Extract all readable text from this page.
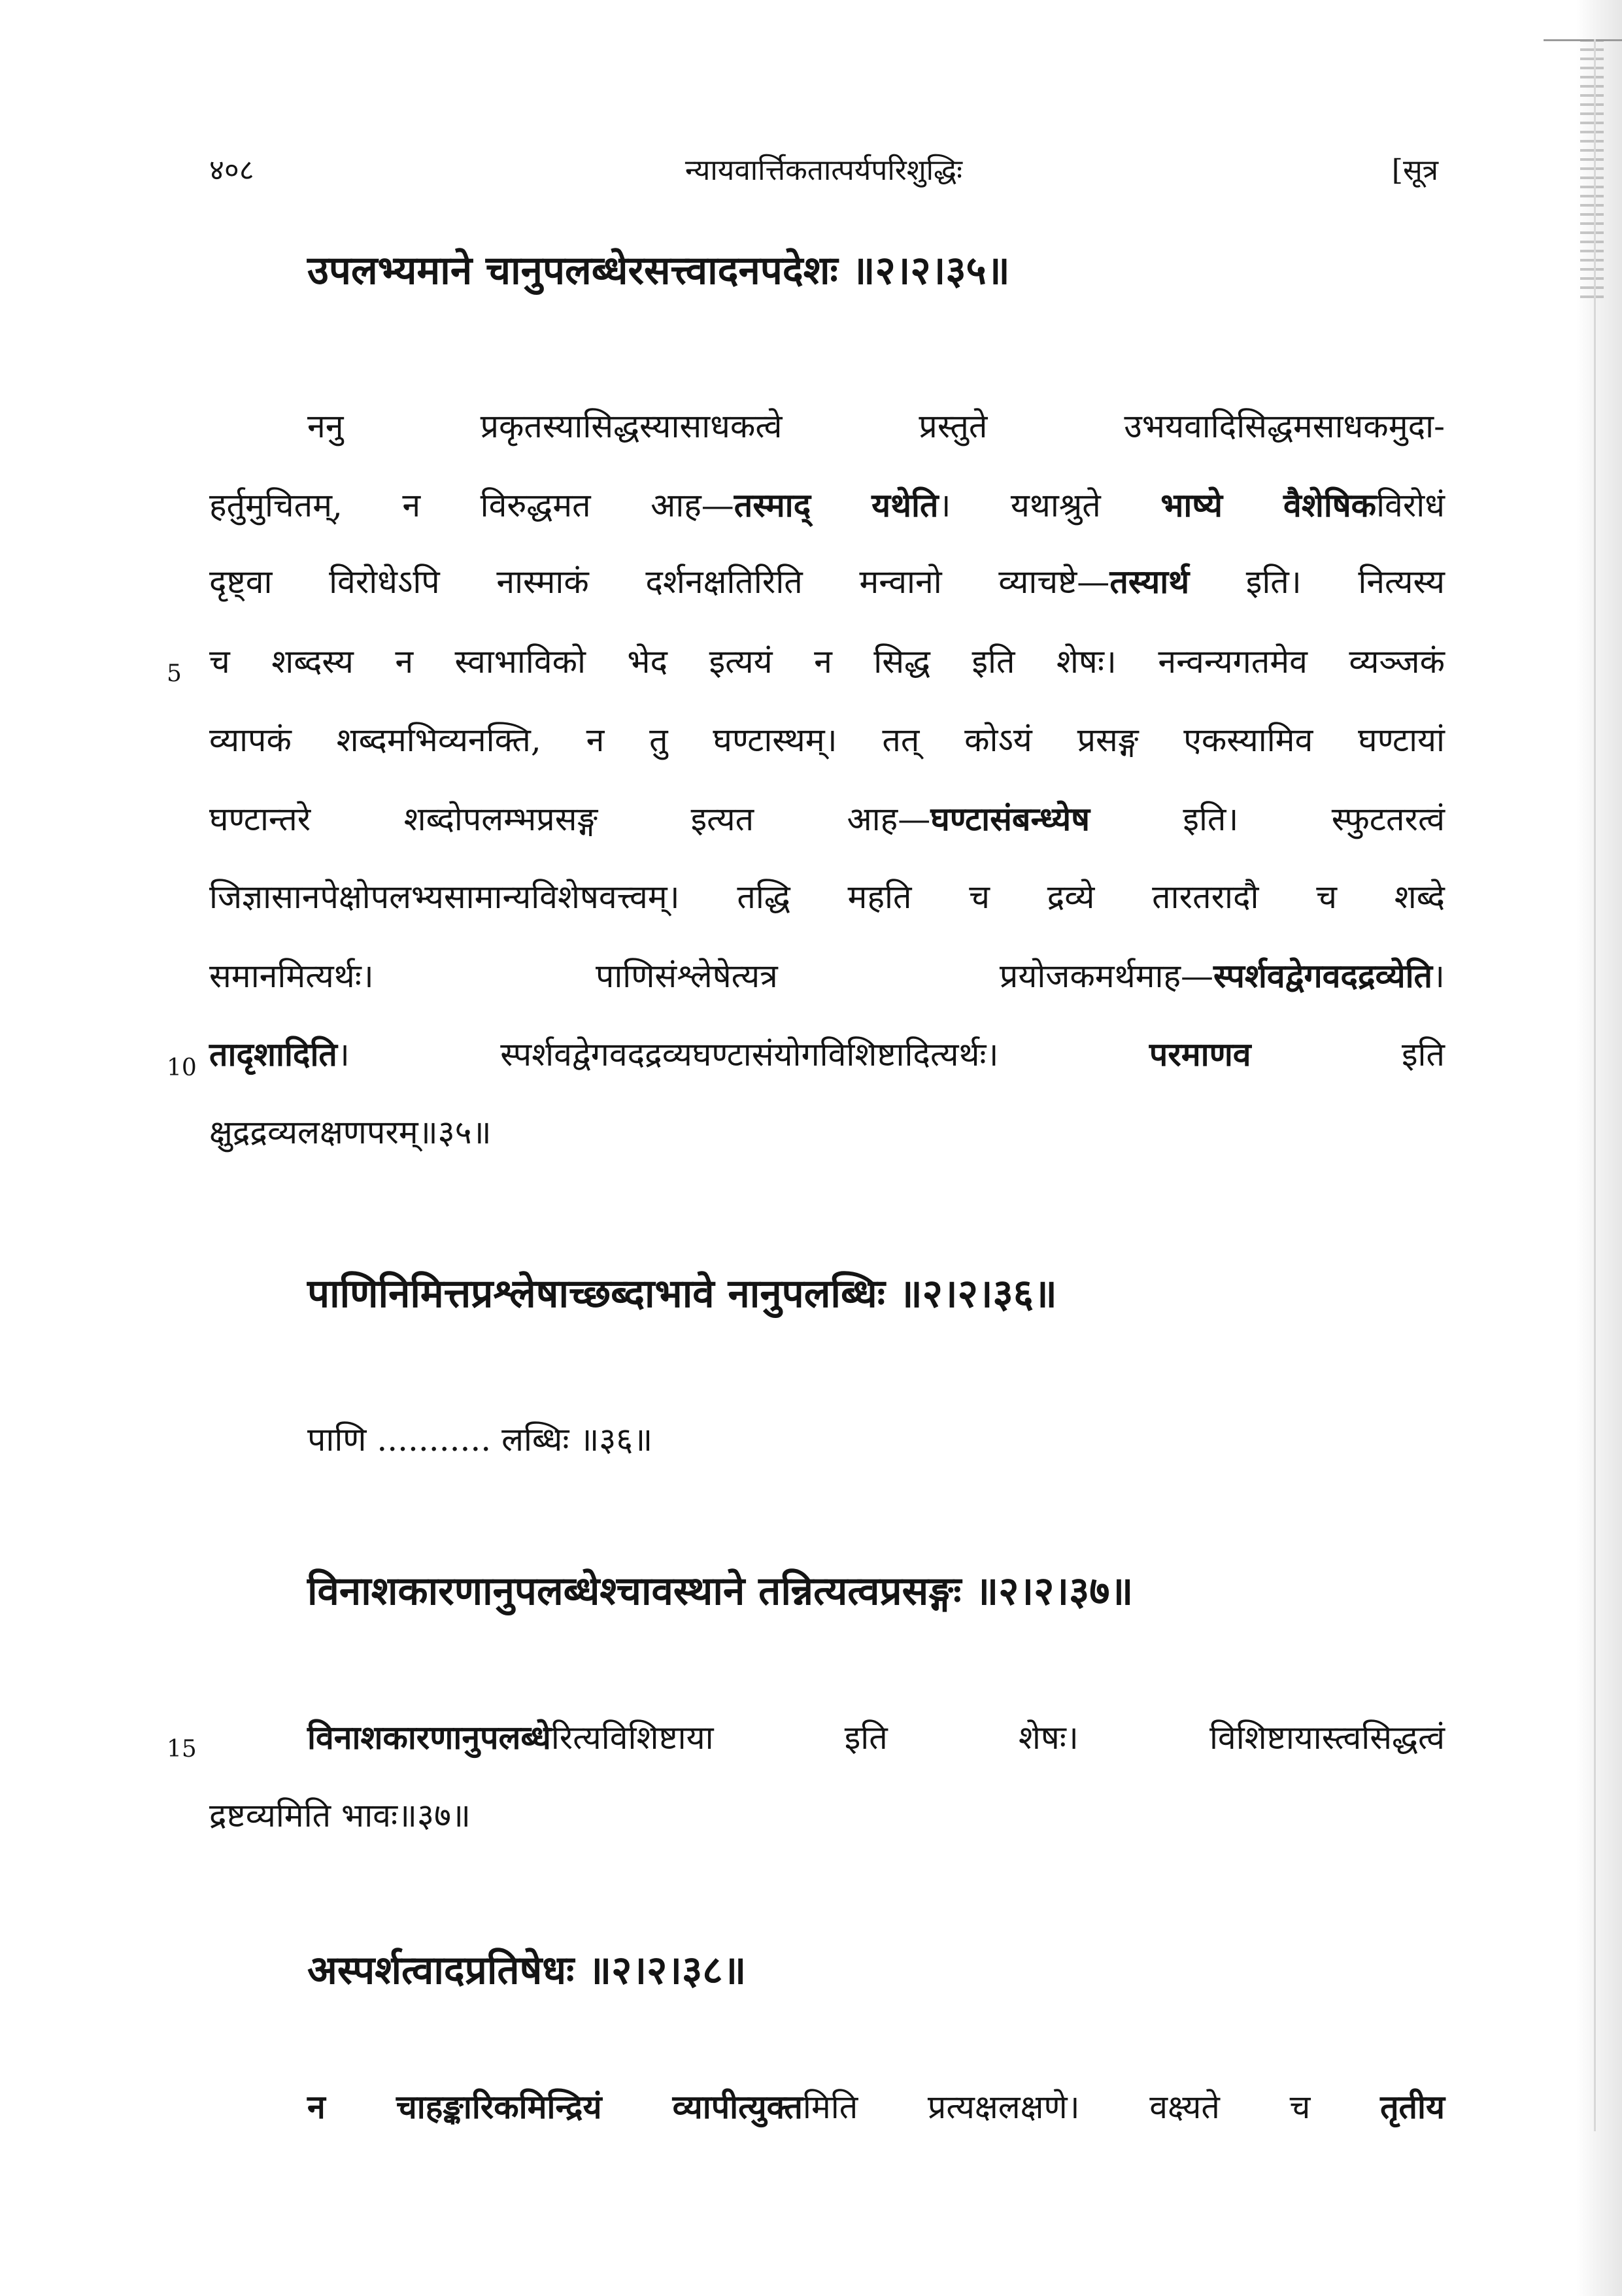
४०८	न्यायवार्त्तिकतात्पर्यपरिशुद्धिः	[सूत्र
उपलभ्यमाने चानुपलब्धेरसत्त्वादनपदेशः ॥२।२।३५॥
ननु प्रकृतस्यासिद्धस्यासाधकत्वे प्रस्तुते उभयवादिसिद्धमसाधकमुदा-
हर्तुमुचितम्, न विरुद्धमत आह—तस्माद् यथेति। यथाश्रुते भाष्ये वैशेषिकविरोधं
दृष्ट्वा विरोधेऽपि नास्माकं दर्शनक्षतिरिति मन्वानो व्याचष्टे—तस्यार्थ इति। नित्यस्य
5 च शब्दस्य न स्वाभाविको भेद इत्ययं न सिद्ध इति शेषः। नन्वन्यगतमेव व्यञ्जकं
व्यापकं शब्दमभिव्यनक्ति, न तु घण्टास्थम्। तत् कोऽयं प्रसङ्ग एकस्यामिव घण्टायां
घण्टान्तरे शब्दोपलम्भप्रसङ्ग इत्यत आह—घण्टासंबन्ध्येष इति। स्फुटतरत्वं
जिज्ञासानपेक्षोपलभ्यसामान्यविशेषवत्त्वम्। तद्धि महति च द्रव्ये तारतरादौ च शब्दे
समानमित्यर्थः। पाणिसंश्लेषेत्यत्र प्रयोजकमर्थमाह—स्पर्शवद्वेगवदद्रव्येति।
10 तादृशादिति। स्पर्शवद्वेगवदद्रव्यघण्टासंयोगविशिष्टादित्यर्थः। परमाणव इति
क्षुद्रद्रव्यलक्षणपरम्॥३५॥
पाणिनिमित्तप्रश्लेषाच्छब्दाभावे नानुपलब्धिः ॥२।२।३६॥
पाणि ........... लब्धिः ॥३६॥
विनाशकारणानुपलब्धेश्चावस्थाने तन्नित्यत्वप्रसङ्गः ॥२।२।३७॥
15	विनाशकारणानुपलब्धेरित्यविशिष्टाया इति शेषः। विशिष्टायास्त्वसिद्धत्वं
द्रष्टव्यमिति भावः॥३७॥
अस्पर्शत्वादप्रतिषेधः ॥२।२।३८॥
न चाहङ्कारिकमिन्द्रियं व्यापीत्युक्तमिति प्रत्यक्षलक्षणे। वक्ष्यते च तृतीय
